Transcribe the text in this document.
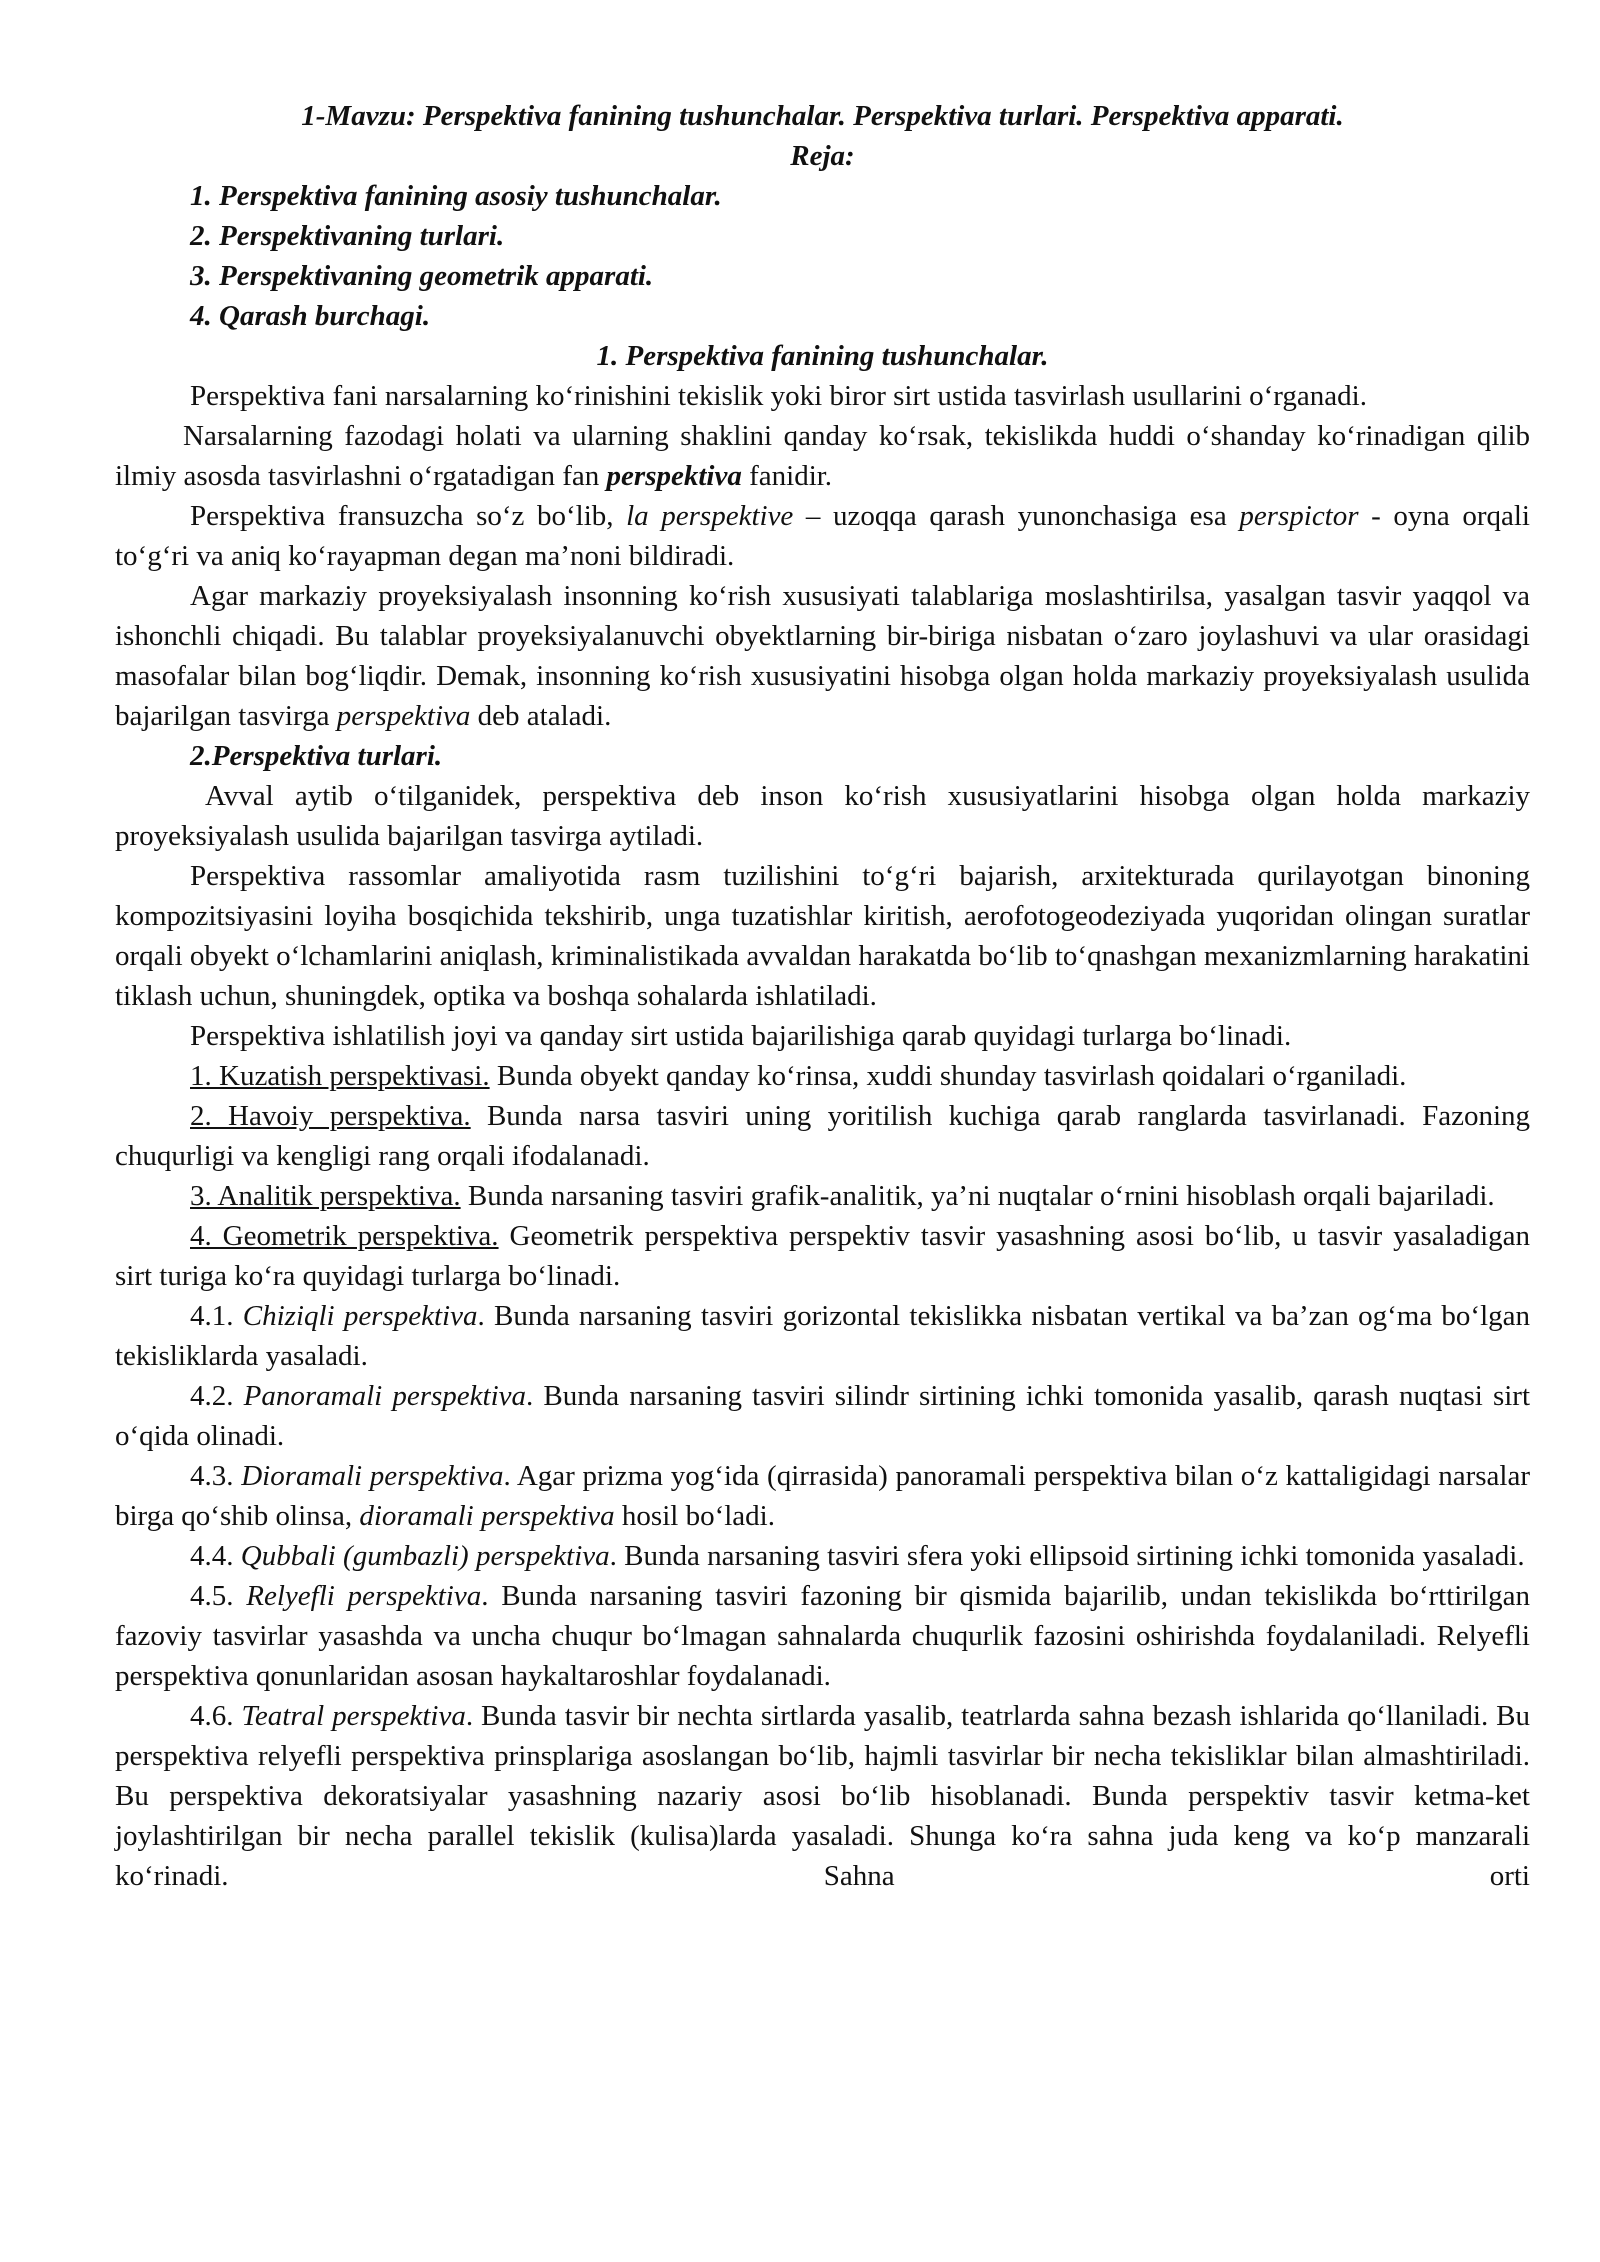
1-Mavzu: Perspektiva fanining tushunchalar. Perspektiva turlari. Perspektiva apparati.

Reja:

1. Perspektiva fanining asosiy tushunchalar.

2. Perspektivaning turlari.

3. Perspektivaning geometrik apparati.

4. Qarash burchagi.

1. Perspektiva fanining tushunchalar.

Perspektiva fani narsalarning koʻrinishini tekislik yoki biror sirt ustida tasvirlash usullarini oʻrganadi.

Narsalarning fazodagi holati va ularning shaklini qanday koʻrsak, tekislikda huddi oʻshanday koʻrinadigan qilib ilmiy asosda tasvirlashni oʻrgatadigan fan perspektiva fanidir.

Perspektiva fransuzcha soʻz boʻlib, la perspektive – uzoqqa qarash yunonchasiga esa perspictor - oyna orqali toʻgʻri va aniq koʻrayapman degan maʼnoni bildiradi.

Agar markaziy proyeksiyalash insonning koʻrish xususiyati talablariga moslashtirilsa, yasalgan tasvir yaqqol va ishonchli chiqadi. Bu talablar proyeksiyalanuvchi obyektlarning bir-biriga nisbatan oʻzaro joylashuvi va ular orasidagi masofalar bilan bogʻliqdir. Demak, insonning koʻrish xususiyatini hisobga olgan holda markaziy proyeksiyalash usulida bajarilgan tasvirga perspektiva deb ataladi.

2.Perspektiva turlari.

Avval aytib oʻtilganidek, perspektiva deb inson koʻrish xususiyatlarini hisobga olgan holda markaziy proyeksiyalash usulida bajarilgan tasvirga aytiladi.

Perspektiva rassomlar amaliyotida rasm tuzilishini toʻgʻri bajarish, arxitekturada qurilayotgan binoning kompozitsiyasini loyiha bosqichida tekshirib, unga tuzatishlar kiritish, aerofotogeodeziyada yuqoridan olingan suratlar orqali obyekt oʻlchamlarini aniqlash, kriminalistikada avvaldan harakatda boʻlib toʻqnashgan mexanizmlarning harakatini tiklash uchun, shuningdek, optika va boshqa sohalarda ishlatiladi.

Perspektiva ishlatilish joyi va qanday sirt ustida bajarilishiga qarab quyidagi turlarga boʻlinadi.

1. Kuzatish perspektivasi. Bunda obyekt qanday koʻrinsa, xuddi shunday tasvirlash qoidalari oʻrganiladi.

2. Havoiy perspektiva. Bunda narsa tasviri uning yoritilish kuchiga qarab ranglarda tasvirlanadi. Fazoning chuqurligi va kengligi rang orqali ifodalanadi.

3. Analitik perspektiva. Bunda narsaning tasviri grafik-analitik, yaʼni nuqtalar oʻrnini hisoblash orqali bajariladi.

4. Geometrik perspektiva. Geometrik perspektiva perspektiv tasvir yasashning asosi boʻlib, u tasvir yasaladigan sirt turiga koʻra quyidagi turlarga boʻlinadi.

4.1. Chiziqli perspektiva. Bunda narsaning tasviri gorizontal tekislikka nisbatan vertikal va baʼzan ogʻma boʻlgan tekisliklarda yasaladi.

4.2. Panoramali perspektiva. Bunda narsaning tasviri silindr sirtining ichki tomonida yasalib, qarash nuqtasi sirt oʻqida olinadi.

4.3. Dioramali perspektiva. Agar prizma yogʻida (qirrasida) panoramali perspektiva bilan oʻz kattaligidagi narsalar birga qoʻshib olinsa, dioramali perspektiva hosil boʻladi.

4.4. Qubbali (gumbazli) perspektiva. Bunda narsaning tasviri sfera yoki ellipsoid sirtining ichki tomonida yasaladi.

4.5. Relyefli perspektiva. Bunda narsaning tasviri fazoning bir qismida bajarilib, undan tekislikda boʻrttirilgan fazoviy tasvirlar yasashda va uncha chuqur boʻlmagan sahnalarda chuqurlik fazosini oshirishda foydalaniladi. Relyefli perspektiva qonunlaridan asosan haykaltaroshlar foydalanadi.

4.6. Teatral perspektiva. Bunda tasvir bir nechta sirtlarda yasalib, teatrlarda sahna bezash ishlarida qoʻllaniladi. Bu perspektiva relyefli perspektiva prinsplariga asoslangan boʻlib, hajmli tasvirlar bir necha tekisliklar bilan almashtiriladi. Bu perspektiva dekoratsiyalar yasashning nazariy asosi boʻlib hisoblanadi. Bunda perspektiv tasvir ketma-ket joylashtirilgan bir necha parallel tekislik (kulisa)larda yasaladi. Shunga koʻra sahna juda keng va koʻp manzarali koʻrinadi. Sahna orti
